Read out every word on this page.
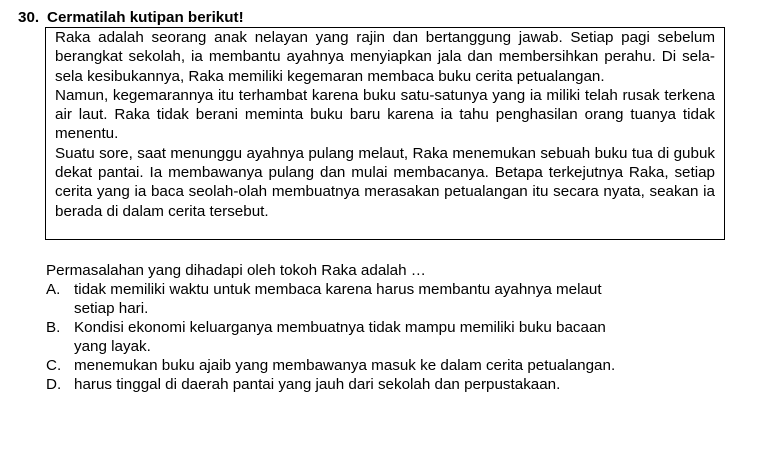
30. Cermatilah kutipan berikut!

Raka adalah seorang anak nelayan yang rajin dan bertanggung jawab. Setiap pagi sebelum berangkat sekolah, ia membantu ayahnya menyiapkan jala dan membersihkan perahu. Di sela-sela kesibukannya, Raka memiliki kegemaran membaca buku cerita petualangan.

Namun, kegemarannya itu terhambat karena buku satu-satunya yang ia miliki telah rusak terkena air laut. Raka tidak berani meminta buku baru karena ia tahu penghasilan orang tuanya tidak menentu.

Suatu sore, saat menunggu ayahnya pulang melaut, Raka menemukan sebuah buku tua di gubuk dekat pantai. Ia membawanya pulang dan mulai membacanya. Betapa terkejutnya Raka, setiap cerita yang ia baca seolah-olah membuatnya merasakan petualangan itu secara nyata, seakan ia berada di dalam cerita tersebut.

Permasalahan yang dihadapi oleh tokoh Raka adalah …
A. tidak memiliki waktu untuk membaca karena harus membantu ayahnya melaut
setiap hari.
B. Kondisi ekonomi keluarganya membuatnya tidak mampu memiliki buku bacaan
yang layak.
C. menemukan buku ajaib yang membawanya masuk ke dalam cerita petualangan.
D. harus tinggal di daerah pantai yang jauh dari sekolah dan perpustakaan.
